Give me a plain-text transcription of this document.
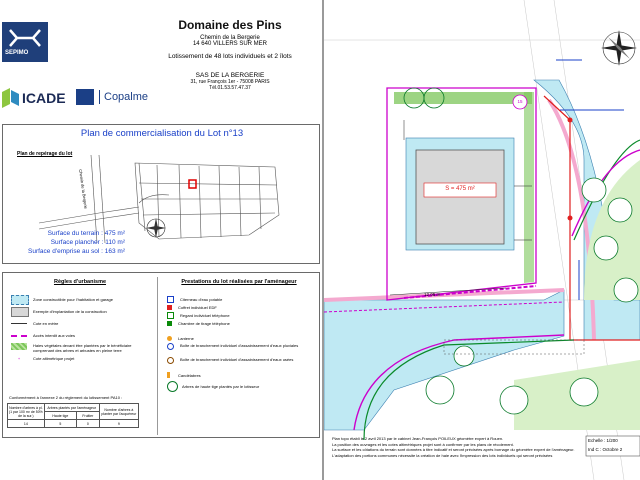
SEPIMO
ICADE	Copalme
Domaine des Pins
Chemin de la Bergerie
14 640 VILLERS SUR MER
Lotissement de 48 lots individuels et 2 îlots
SAS DE LA BERGERIE
31, rue François 1er - 75008 PARIS
Tél.01.53.57.47.37
Plan de commercialisation du Lot n°13
Plan de repérage du lot
Chemin de la Bergerie
Surface du terrain : 475 m²
Surface plancher : 110 m²
Surface d'emprise au sol : 163 m²
Règles d'urbanisme	Prestations du lot réalisées par l'aménageur
Zone constructible pour l'habitation et garage
Exemple d'implantation de la construction
Cote en mètre
Accès interdit aux voies
Haies végétales devant être plantées par le bénéficiaire comprenant des arbres et arbustes en pleine terre
+	Cote altimétrique projet
Citerneau d'eau potable
Coffret individuel EDF
Regard individuel téléphone
Chambre de tirage téléphone
Lanterne
Boîte de branchement individuel d'assainissement d'eaux pluviales
Boîte de branchement individuel d'assainissement d'eaux usées
Candélabres
Arbres de haute tige plantés par le lotisseur
Conformément à l'annexe 2 du règlement du lotissement PA10 :
Nombre d'arbres à pl. (1 par 100 m² de 50% de la sur.)	Arbres plantés par l'aménageur		Nombre d'arbres à planter par l'acquéreur
	Haute tige	Fruitier	
14	5	0	9
S = 475 m²
15
12.05 m
Plan topo établi le 2 avril 2013 par le cabinet Jean-François POILEUX géomètre expert à Rouen.
La position des ouvrages et les cotes altimétriques projet sont à confirmer par les plans de récolement.
La surface et les côtations du terrain sont données à titre indicatif et seront précisées après bornage du géomètre expert de l'aménageur.
L'adaptation des portions communes nécessite la création de haie avec l'impression des lots individuels qui seront précisées
Echelle : 1/200
Ind C : Octobre 2
